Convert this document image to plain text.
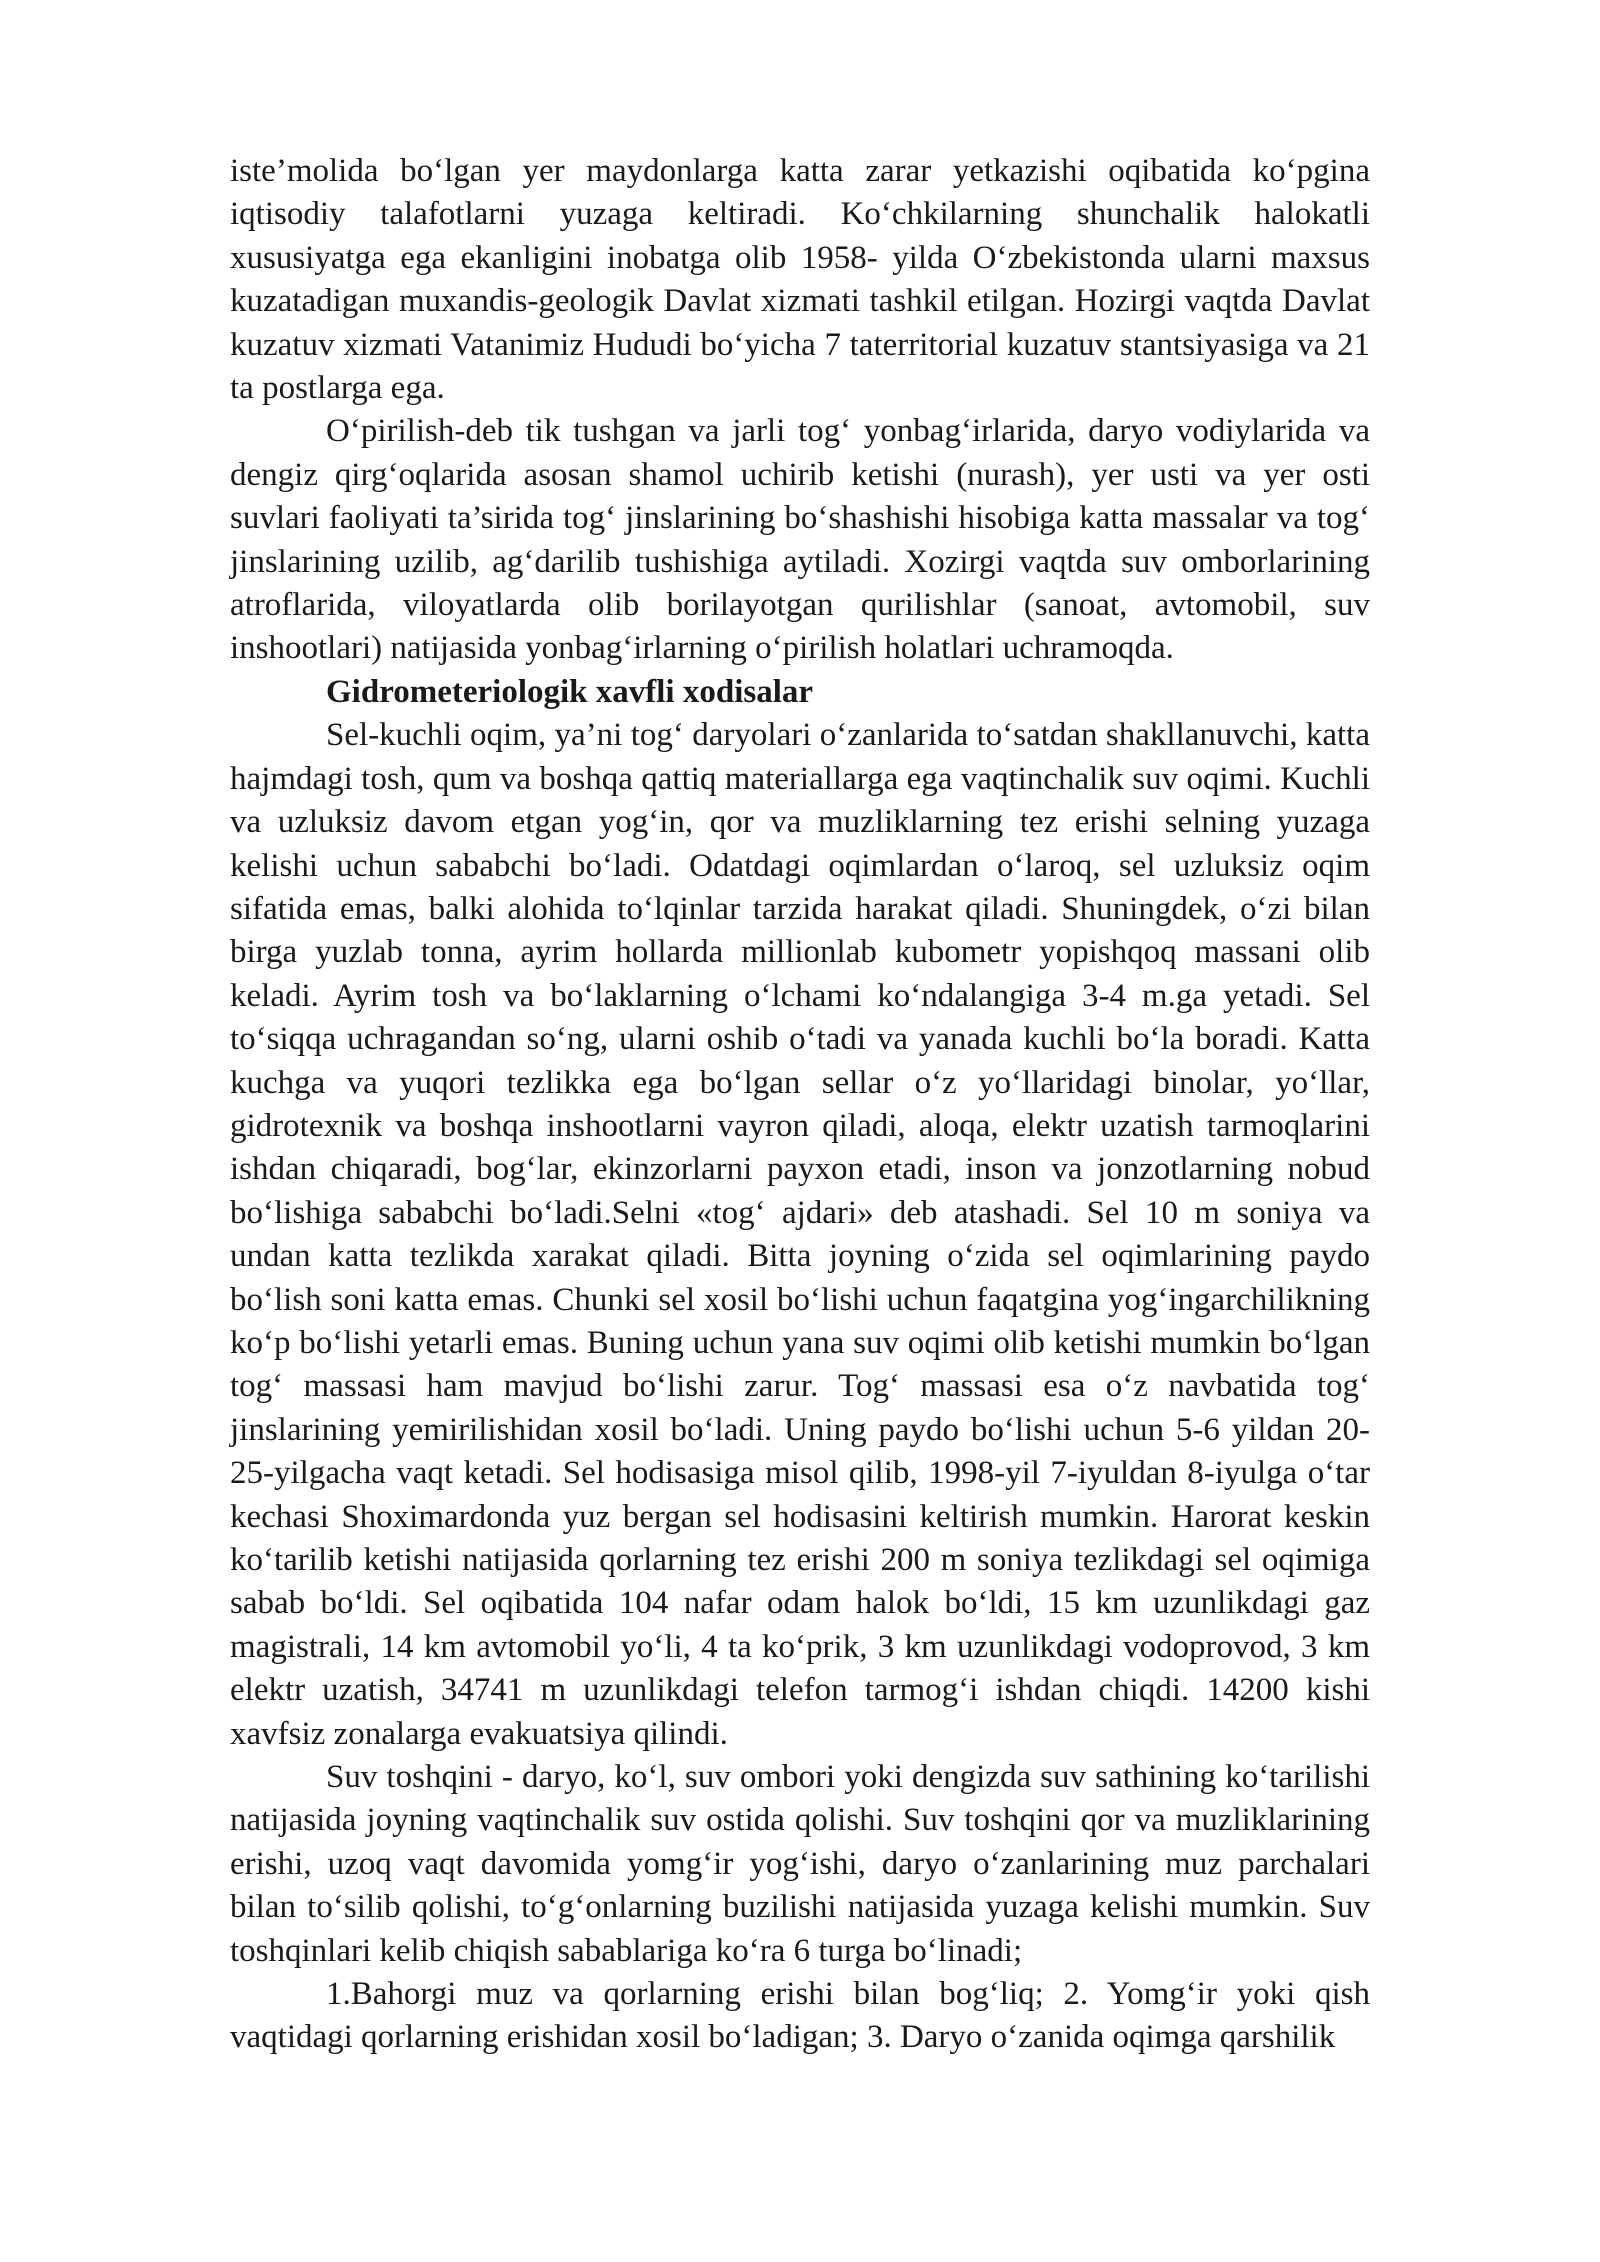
iste’molida bo‘lgan yer maydonlarga katta zarar yetkazishi oqibatida ko‘pgina iqtisodiy talafotlarni yuzaga keltiradi. Ko‘chkilarning shunchalik halokatli xususiyatga ega ekanligini inobatga olib 1958- yilda O‘zbekistonda ularni maxsus kuzatadigan muxandis-geologik Davlat xizmati tashkil etilgan. Hozirgi vaqtda Davlat kuzatuv xizmati Vatanimiz Hududi bo‘yicha 7 taterritorial kuzatuv stantsiyasiga va 21 ta postlarga ega.

O‘pirilish-deb tik tushgan va jarli tog‘ yonbag‘irlarida, daryo vodiylarida va dengiz qirg‘oqlarida asosan shamol uchirib ketishi (nurash), yer usti va yer osti suvlari faoliyati ta’sirida tog‘ jinslarining bo‘shashishi hisobiga katta massalar va tog‘ jinslarining uzilib, ag‘darilib tushishiga aytiladi. Xozirgi vaqtda suv omborlarining atroflarida, viloyatlarda olib borilayotgan qurilishlar (sanoat, avtomobil, suv inshootlari) natijasida yonbag‘irlarning o‘pirilish holatlari uchramoqda.

Gidrometeriologik xavfli xodisalar

Sel-kuchli oqim, ya’ni tog‘ daryolari o‘zanlarida to‘satdan shakllanuvchi, katta hajmdagi tosh, qum va boshqa qattiq materiallarga ega vaqtinchalik suv oqimi. Kuchli va uzluksiz davom etgan yog‘in, qor va muzliklarning tez erishi selning yuzaga kelishi uchun sababchi bo‘ladi. Odatdagi oqimlardan o‘laroq, sel uzluksiz oqim sifatida emas, balki alohida to‘lqinlar tarzida harakat qiladi. Shuningdek, o‘zi bilan birga yuzlab tonna, ayrim hollarda millionlab kubometr yopishqoq massani olib keladi. Ayrim tosh va bo‘laklarning o‘lchami ko‘ndalangiga 3-4 m.ga yetadi. Sel to‘siqqa uchragandan so‘ng, ularni oshib o‘tadi va yanada kuchli bo‘la boradi. Katta kuchga va yuqori tezlikka ega bo‘lgan sellar o‘z yo‘llaridagi binolar, yo‘llar, gidrotexnik va boshqa inshootlarni vayron qiladi, aloqa, elektr uzatish tarmoqlarini ishdan chiqaradi, bog‘lar, ekinzorlarni payxon etadi, inson va jonzotlarning nobud bo‘lishiga sababchi bo‘ladi.Selni «tog‘ ajdari» deb atashadi. Sel 10 m soniya va undan katta tezlikda xarakat qiladi. Bitta joyning o‘zida sel oqimlarining paydo bo‘lish soni katta emas. Chunki sel xosil bo‘lishi uchun faqatgina yog‘ingarchilikning ko‘p bo‘lishi yetarli emas. Buning uchun yana suv oqimi olib ketishi mumkin bo‘lgan tog‘ massasi ham mavjud bo‘lishi zarur. Tog‘ massasi esa o‘z navbatida tog‘ jinslarining yemirilishidan xosil bo‘ladi. Uning paydo bo‘lishi uchun 5-6 yildan 20-25-yilgacha vaqt ketadi. Sel hodisasiga misol qilib, 1998-yil 7-iyuldan 8-iyulga o‘tar kechasi Shoximardonda yuz bergan sel hodisasini keltirish mumkin. Harorat keskin ko‘tarilib ketishi natijasida qorlarning tez erishi 200 m soniya tezlikdagi sel oqimiga sabab bo‘ldi. Sel oqibatida 104 nafar odam halok bo‘ldi, 15 km uzunlikdagi gaz magistrali, 14 km avtomobil yo‘li, 4 ta ko‘prik, 3 km uzunlikdagi vodoprovod, 3 km elektr uzatish, 34741 m uzunlikdagi telefon tarmog‘i ishdan chiqdi. 14200 kishi xavfsiz zonalarga evakuatsiya qilindi.

Suv toshqini - daryo, ko‘l, suv ombori yoki dengizda suv sathining ko‘tarilishi natijasida joyning vaqtinchalik suv ostida qolishi. Suv toshqini qor va muzliklarining erishi, uzoq vaqt davomida yomg‘ir yog‘ishi, daryo o‘zanlarining muz parchalari bilan to‘silib qolishi, to‘g‘onlarning buzilishi natijasida yuzaga kelishi mumkin. Suv toshqinlari kelib chiqish sabablariga ko‘ra 6 turga bo‘linadi;

1.Bahorgi muz va qorlarning erishi bilan bog‘liq; 2. Yomg‘ir yoki qish vaqtidagi qorlarning erishidan xosil bo‘ladigan; 3. Daryo o‘zanida oqimga qarshilik
